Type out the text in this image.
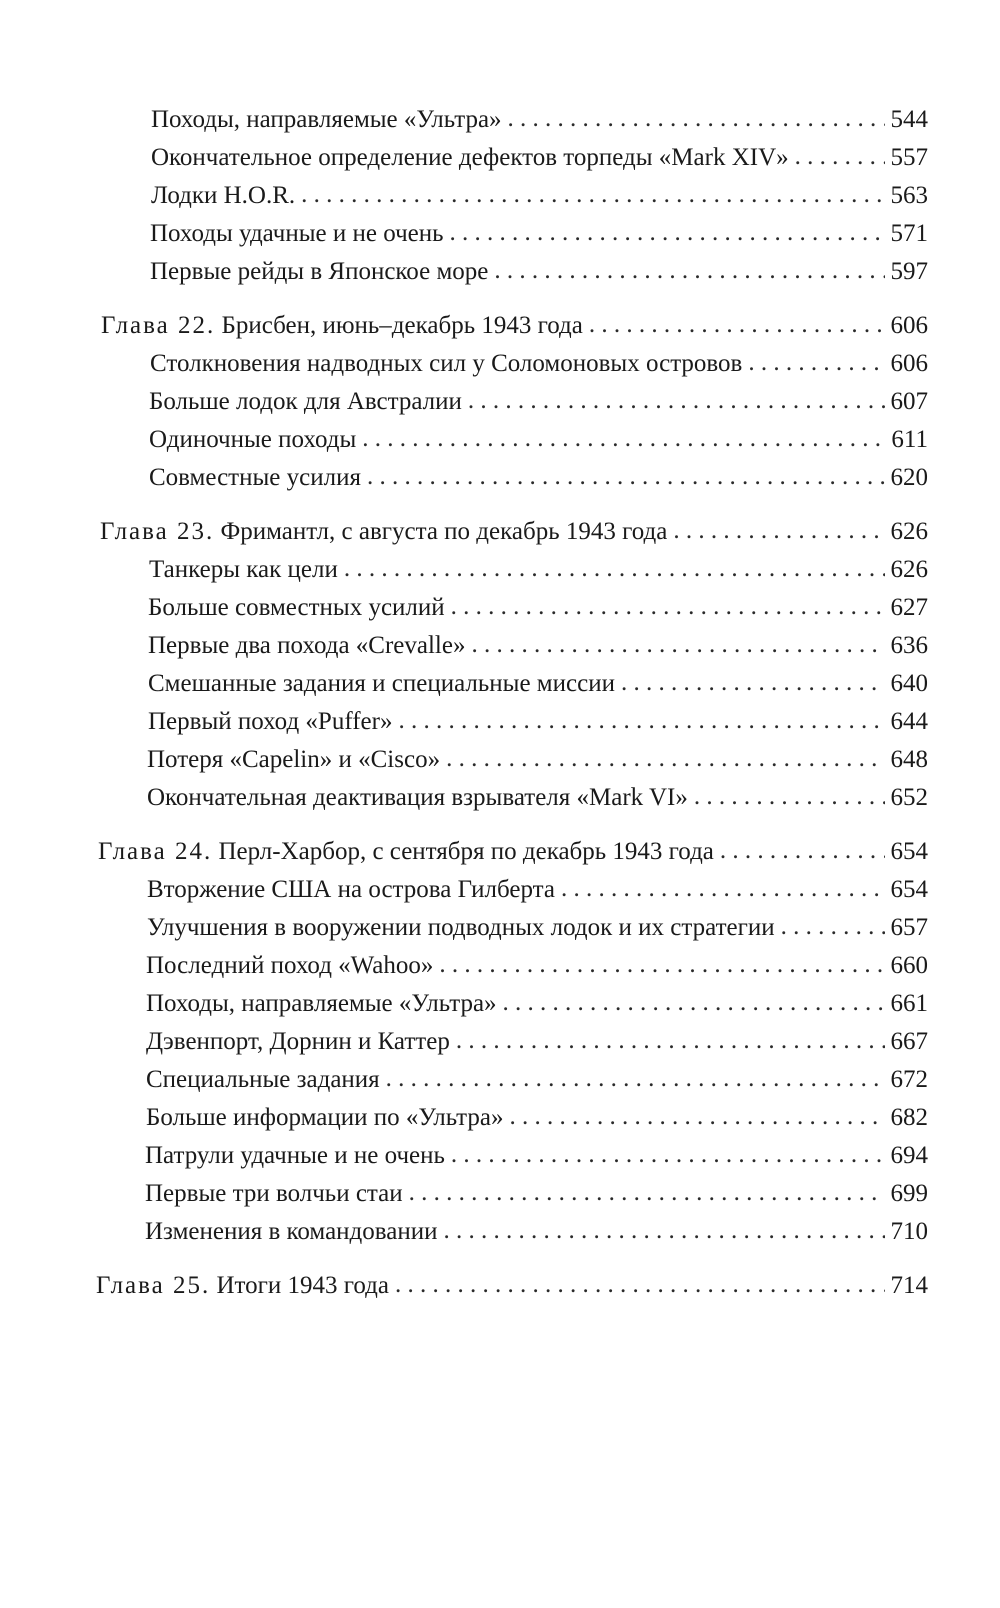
Походы, направляемые «Ультра» . . .	544
Окончательное определение дефектов торпеды «Mark XIV» . . .	557
Лодки H.O.R. . . .	563
Походы удачные и не очень . . .	571
Первые рейды в Японское море . . .	597
Глава 22. Брисбен, июнь–декабрь 1943 года . . .	606
Столкновения надводных сил у Соломоновых островов . . .	606
Больше лодок для Австралии . . .	607
Одиночные походы . . .	611
Совместные усилия . . .	620
Глава 23. Фримантл, с августа по декабрь 1943 года . . .	626
Танкеры как цели . . .	626
Больше совместных усилий . . .	627
Первые два похода «Crevalle» . . .	636
Смешанные задания и специальные миссии . . .	640
Первый поход «Puffer» . . .	644
Потеря «Capelin» и «Cisco» . . .	648
Окончательная деактивация взрывателя «Mark VI» . . .	652
Глава 24. Перл-Харбор, с сентября по декабрь 1943 года . . .	654
Вторжение США на острова Гилберта . . .	654
Улучшения в вооружении подводных лодок и их стратегии . . .	657
Последний поход «Wahoo» . . .	660
Походы, направляемые «Ультра» . . .	661
Дэвенпорт, Дорнин и Каттер . . .	667
Специальные задания . . .	672
Больше информации по «Ультра» . . .	682
Патрули удачные и не очень . . .	694
Первые три волчьи стаи . . .	699
Изменения в командовании . . .	710
Глава 25. Итоги 1943 года . . .	714
